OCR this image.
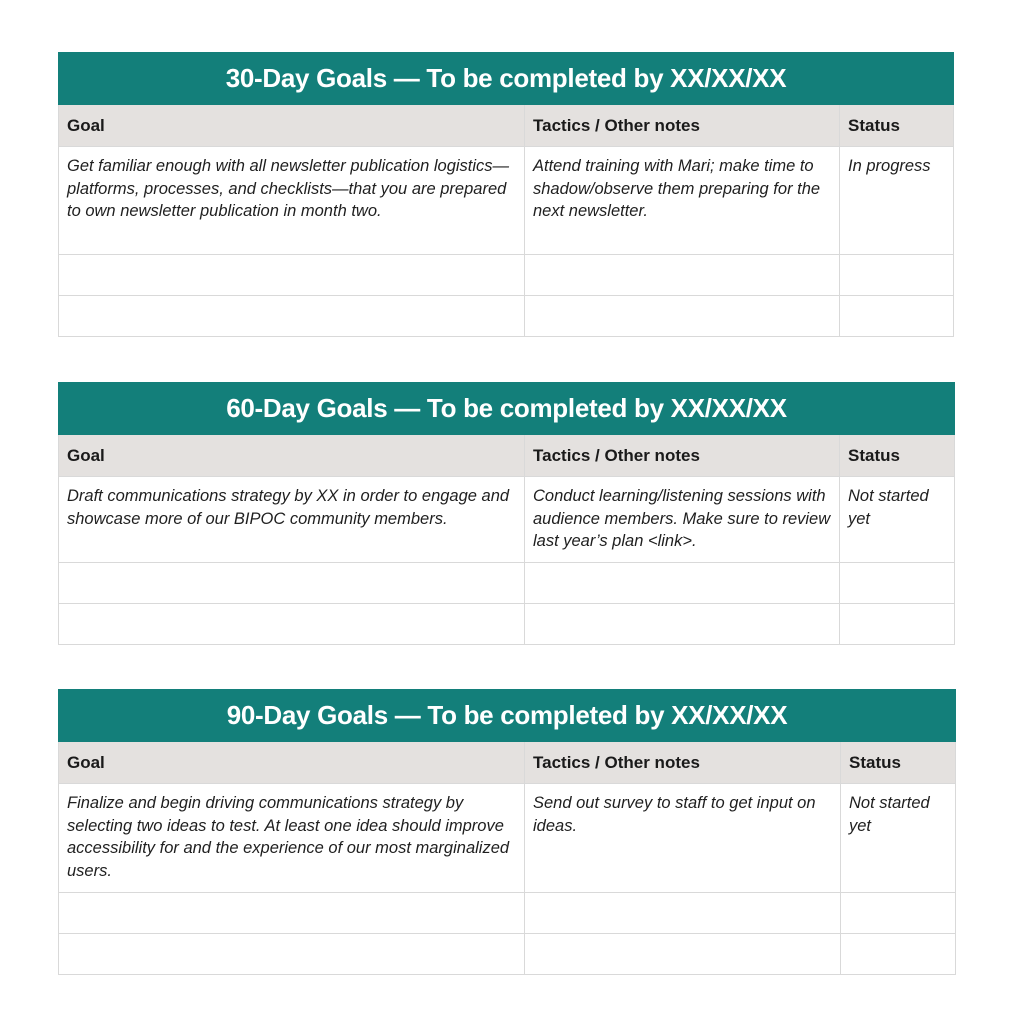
30-Day Goals — To be completed by XX/XX/XX		
Goal	Tactics / Other notes	Status
Get familiar enough with all newsletter publication logistics— platforms, processes, and checklists—that you are prepared to own newsletter publication in month two.	Attend training with Mari; make time to shadow/observe them preparing for the next newsletter.	In progress

60-Day Goals — To be completed by XX/XX/XX		
Goal	Tactics / Other notes	Status
Draft communications strategy by XX in order to engage and showcase more of our BIPOC community members.	Conduct learning/listening sessions with audience members. Make sure to review last year’s plan <link>.	Not started yet

90-Day Goals — To be completed by XX/XX/XX		
Goal	Tactics / Other notes	Status
Finalize and begin driving communications strategy by selecting two ideas to test. At least one idea should improve accessibility for and the experience of our most marginalized users.	Send out survey to staff to get input on ideas.	Not started yet
